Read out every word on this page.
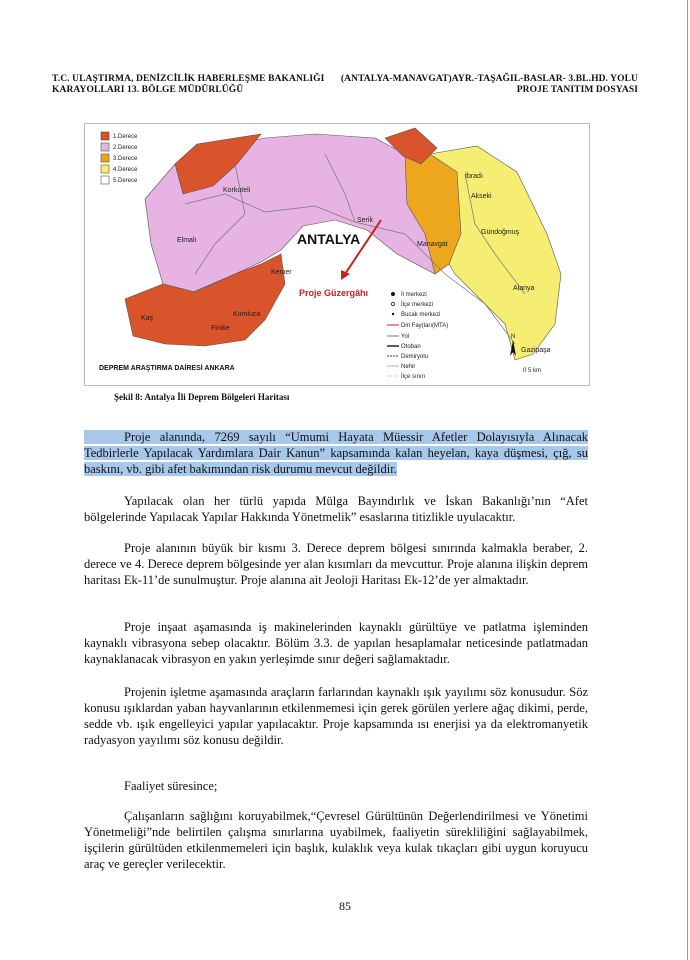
T.C. ULAŞTIRMA, DENİZCİLİK HABERLEŞME BAKANLIĞI (ANTALYA-MANAVGAT)AYR.-TAŞAĞIL-BASLAR- 3.BL.HD. YOLU
KARAYOLLARI 13. BÖLGE MÜDÜRLÜĞÜ	PROJE TANITIM DOSYASI
1.Derece
2.Derece
3.Derece
4.Derece
5.Derece
Korkuteli
Elmalı
Kaş
Finike
Kumluca
Kemer
Serik
Manavgat
Akseki
İbradı
Gündoğmuş
Alanya
Gazipaşa
ANTALYA
Proje Güzergâhı	İl merkezi
İlçe merkezi
Bucak merkezi
Diri Fay(ları(MTA)
Yol
Otoban
Demiryolu
Nehir
İlçe sınırı
N
0 5 km
DEPREM ARAŞTIRMA DAİRESİ ANKARA
Şekil 8: Antalya İli Deprem Bölgeleri Haritası

Proje alanında, 7269 sayılı “Umumi Hayata Müessir Afetler Dolayısıyla Alınacak Tedbirlerle Yapılacak Yardımlara Dair Kanun” kapsamında kalan heyelan, kaya düşmesi, çığ, su baskını, vb. gibi afet bakımından risk durumu mevcut değildir.

Yapılacak olan her türlü yapıda Mülga Bayındırlık ve İskan Bakanlığı’nın “Afet bölgelerinde Yapılacak Yapılar Hakkında Yönetmelik” esaslarına titizlikle uyulacaktır.

Proje alanının büyük bir kısmı 3. Derece deprem bölgesi sınırında kalmakla beraber, 2. derece ve 4. Derece deprem bölgesinde yer alan kısımları da mevcuttur. Proje alanına ilişkin deprem haritası Ek-11’de sunulmuştur. Proje alanına ait Jeoloji Haritası Ek-12’de yer almaktadır.

Proje inşaat aşamasında iş makinelerinden kaynaklı gürültüye ve patlatma işleminden kaynaklı vibrasyona sebep olacaktır. Bölüm 3.3. de yapılan hesaplamalar neticesinde patlatmadan kaynaklanacak vibrasyon en yakın yerleşimde sınır değeri sağlamaktadır.

Projenin işletme aşamasında araçların farlarından kaynaklı ışık yayılımı söz konusudur. Söz konusu ışıklardan yaban hayvanlarının etkilenmemesi için gerek görülen yerlere ağaç dikimi, perde, sedde vb. ışık engelleyici yapılar yapılacaktır. Proje kapsamında ısı enerjisi ya da elektromanyetik radyasyon yayılımı söz konusu değildir.

Faaliyet süresince;

Çalışanların sağlığını koruyabilmek,“Çevresel Gürültünün Değerlendirilmesi ve Yönetimi Yönetmeliği”nde belirtilen çalışma sınırlarına uyabilmek, faaliyetin sürekliliğini sağlayabilmek, işçilerin gürültüden etkilenmemeleri için başlık, kulaklık veya kulak tıkaçları gibi uygun koruyucu araç ve gereçler verilecektir.

85
